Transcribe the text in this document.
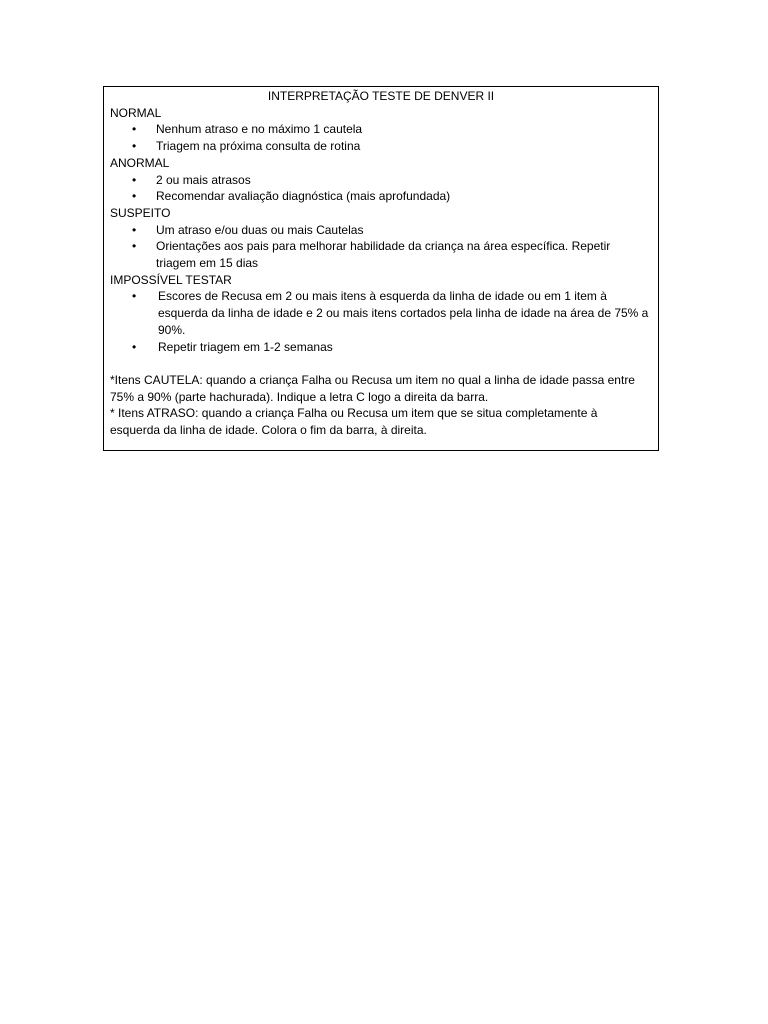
INTERPRETAÇÃO TESTE DE DENVER II
NORMAL
• Nenhum atraso e no máximo 1 cautela
• Triagem na próxima consulta de rotina
ANORMAL
• 2 ou mais atrasos
• Recomendar avaliação diagnóstica (mais aprofundada)
SUSPEITO
• Um atraso e/ou duas ou mais Cautelas
• Orientações aos pais para melhorar habilidade da criança na área específica. Repetir triagem em 15 dias
IMPOSSÍVEL TESTAR
• Escores de Recusa em 2 ou mais itens à esquerda da linha de idade ou em 1 item à esquerda da linha de idade e 2 ou mais itens cortados pela linha de idade na área de 75% a 90%.
• Repetir triagem em 1-2 semanas
*Itens CAUTELA: quando a criança Falha ou Recusa um item no qual a linha de idade passa entre 75% a 90% (parte hachurada). Indique a letra C logo a direita da barra.
* Itens ATRASO: quando a criança Falha ou Recusa um item que se situa completamente à esquerda da linha de idade. Colora o fim da barra, à direita.
